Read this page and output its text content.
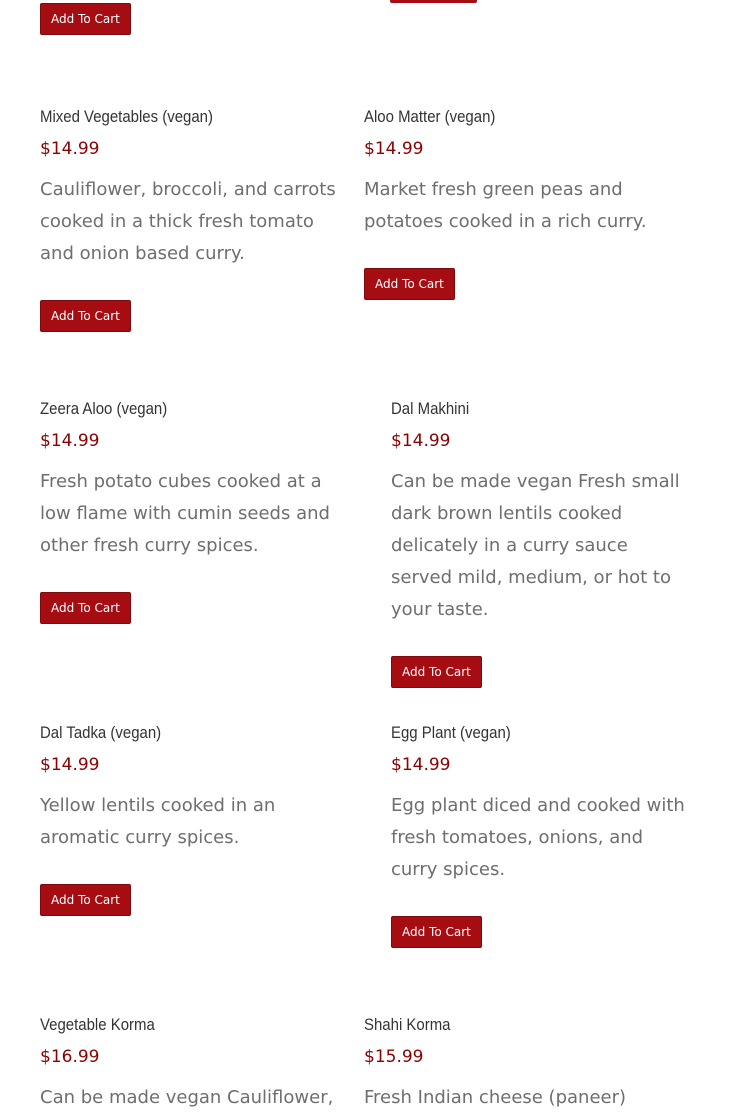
Add To Cart
Mixed Vegetables (vegan)
$14.99
Cauliflower, broccoli, and carrots cooked in a thick fresh tomato and onion based curry.
Add To Cart
Aloo Matter (vegan)
$14.99
Market fresh green peas and potatoes cooked in a rich curry.
Add To Cart
Zeera Aloo (vegan)
$14.99
Fresh potato cubes cooked at a low flame with cumin seeds and other fresh curry spices.
Add To Cart
Dal Makhini
$14.99
Can be made vegan Fresh small dark brown lentils cooked delicately in a curry sauce served mild, medium, or hot to your taste.
Add To Cart
Dal Tadka (vegan)
$14.99
Yellow lentils cooked in an aromatic curry spices.
Add To Cart
Egg Plant (vegan)
$14.99
Egg plant diced and cooked with fresh tomatoes, onions, and curry spices.
Add To Cart
Vegetable Korma
$16.99
Can be made vegan Cauliflower,
Shahi Korma
$15.99
Fresh Indian cheese (paneer)
